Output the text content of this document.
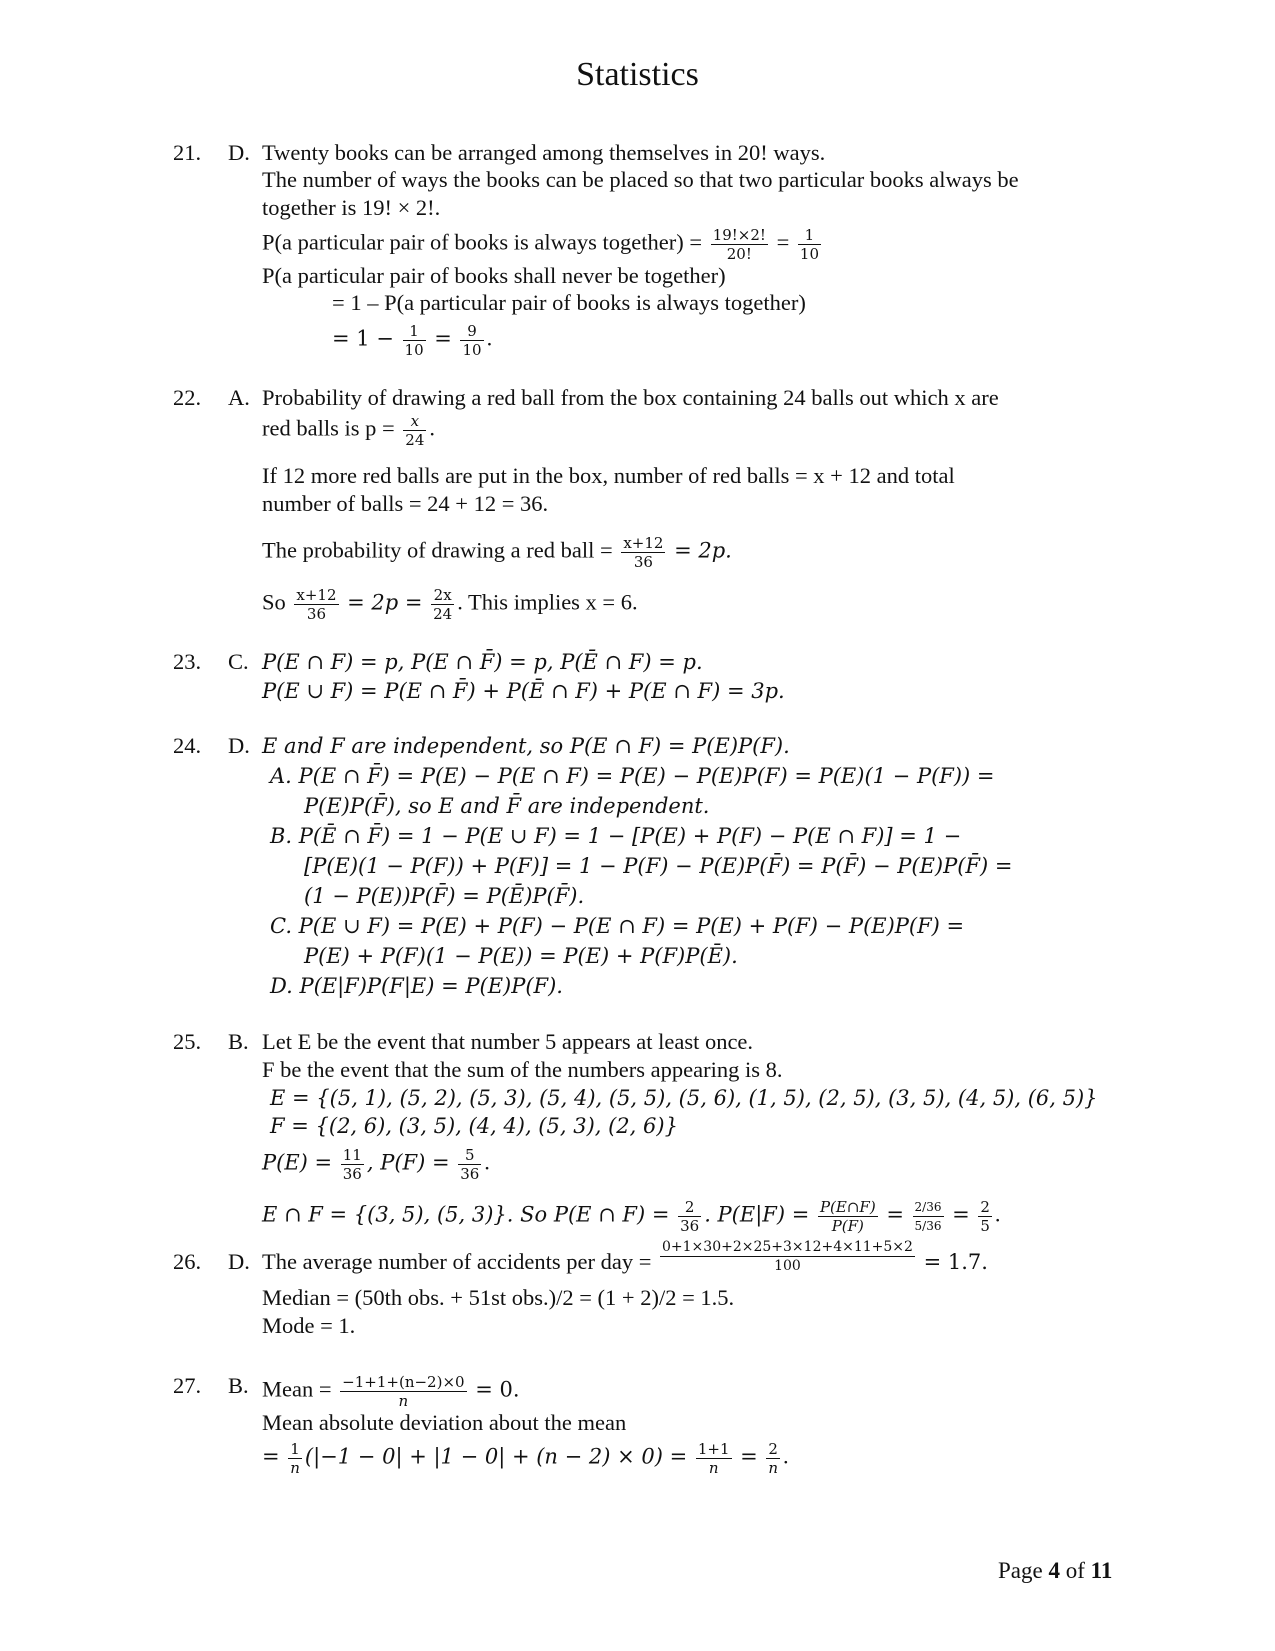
Statistics
21. D. Twenty books can be arranged among themselves in 20! ways.
The number of ways the books can be placed so that two particular books always be
together is 19! × 2!.
P(a particular pair of books is always together) = $\frac{19!\times 2!}{20!} = \frac{1}{10}$
P(a particular pair of books shall never be together)
= 1 – P(a particular pair of books is always together)
= $1 - \frac{1}{10} = \frac{9}{10}$ .
22. A. Probability of drawing a red ball from the box containing 24 balls out which x are
red balls is $p = \frac{x}{24}$ .
If 12 more red balls are put in the box, number of red balls = x + 12 and total
number of balls = 24 + 12 = 36.
The probability of drawing a red ball = $\frac{x+12}{36} = 2p$.
So $\frac{x+12}{36} = 2p = \frac{2x}{24}$ . This implies x = 6.
23. C. P(E ∩ F) = p, P(E ∩ F̄) = p, P(Ē ∩ F) = p.
P(E ∪ F) = P(E ∩ F̄) + P(Ē ∩ F) + P(E ∩ F) = 3p.
24. D. E and F are independent, so P(E ∩ F) = P(E)P(F).
A. P(E ∩ F̄) = P(E) − P(E ∩ F) = P(E) − P(E)P(F) = P(E)(1 − P(F)) =
P(E)P(F̄), so E and F̄ are independent.
B. P(Ē ∩ F̄) = 1 − P(E ∪ F) = 1 − [P(E) + P(F) − P(E ∩ F)] = 1 −
[P(E)(1 − P(F)) + P(F)] = 1 − P(F) − P(E)P(F̄) = P(F̄) − P(E)P(F̄) =
(1 − P(E))P(F̄) = P(Ē)P(F̄).
C. P(E ∪ F) = P(E) + P(F) − P(E ∩ F) = P(E) + P(F) − P(E)P(F) =
P(E) + P(F)(1 − P(E)) = P(E) + P(F)P(Ē).
D. P(E|F)P(F|E) = P(E)P(F).
25. B. Let E be the event that number 5 appears at least once.
F be the event that the sum of the numbers appearing is 8.
E = {(5, 1), (5, 2), (5, 3), (5, 4), (5, 5), (5, 6), (1, 5), (2, 5), (3, 5), (4, 5), (6, 5)}
F = {(2, 6), (3, 5), (4, 4), (5, 3), (2, 6)}
$P(E) = \frac{11}{36}$ , $P(F) = \frac{5}{36}$ .
E ∩ F = {(3, 5), (5, 3)}. So P(E ∩ $F) = \frac{2}{36}$ . $P(E|F) = \frac{P(E\cap F)}{P(F)} = \frac{2/36}{5/36} = \frac{2}{5}$ .
26. D. The average number of accidents per day = $\frac{0+1\times 30+2\times 25+3\times 12+4\times 11+5\times 2}{100} = 1.7$.
Median = (50th obs. + 51st obs.)/2 = (1 + 2)/2 = 1.5.
Mode = 1.
27. B. Mean = $\frac{-1+1+(n-2)\times 0}{n} = 0$.
Mean absolute deviation about the mean
= $\frac{1}{n} (|-1 - 0| + |1 - 0| + (n - 2) \times 0) = \frac{1+1}{n} = \frac{2}{n}$ .
Page 4 of 11
